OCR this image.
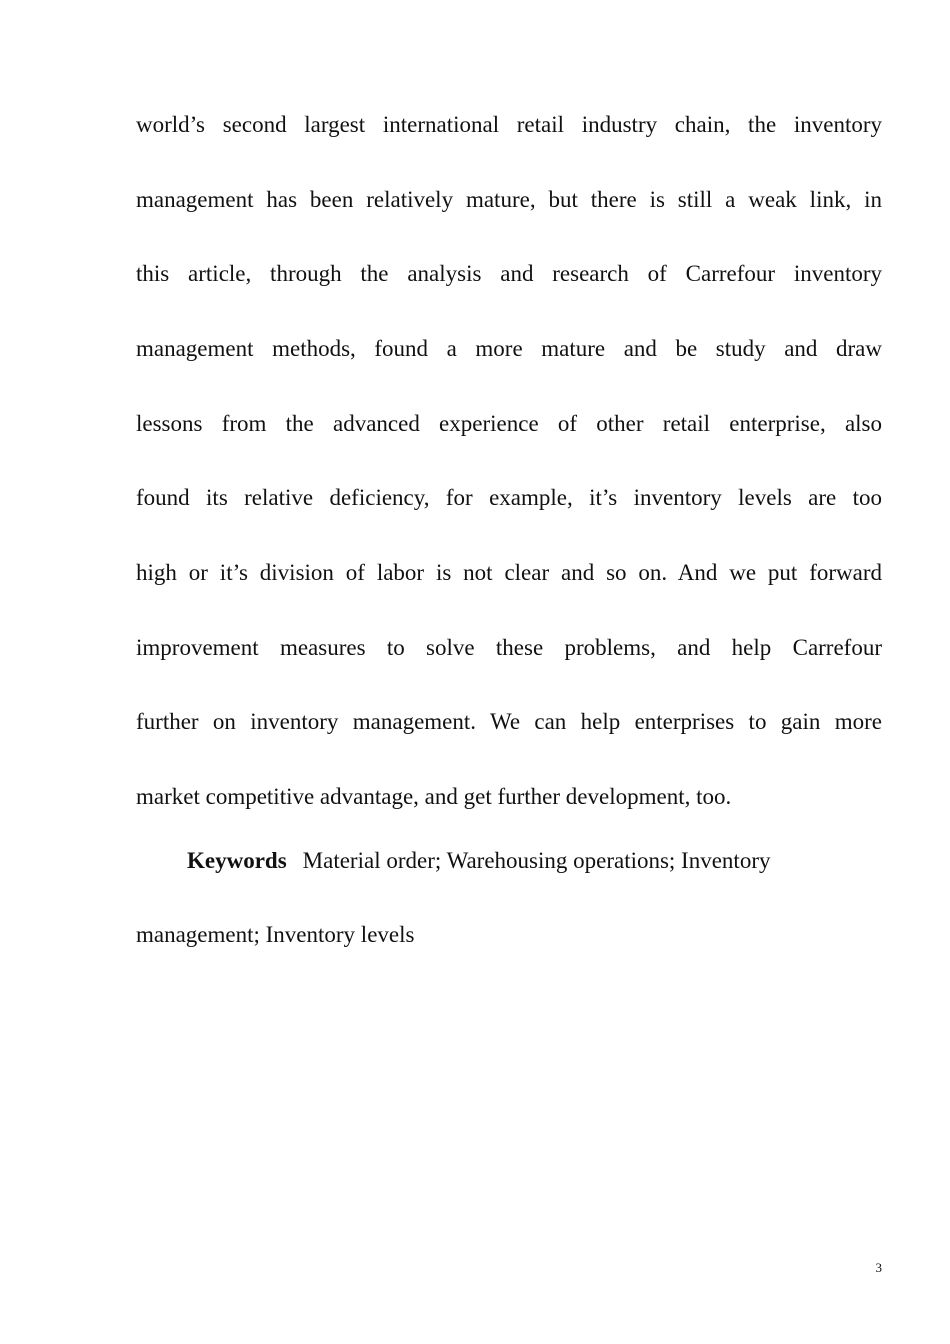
world’s second largest international retail industry chain, the inventory
management has been relatively mature, but there is still a weak link, in
this article, through the analysis and research of Carrefour inventory
management methods, found a more mature and be study and draw
lessons from the advanced experience of other retail enterprise, also
found its relative deficiency, for example, it’s inventory levels are too
high or it’s division of labor is not clear and so on. And we put forward
improvement measures to solve these problems, and help Carrefour
further on inventory management. We can help enterprises to gain more
market competitive advantage, and get further development, too.
Keywords Material order; Warehousing operations; Inventory
management; Inventory levels
3
